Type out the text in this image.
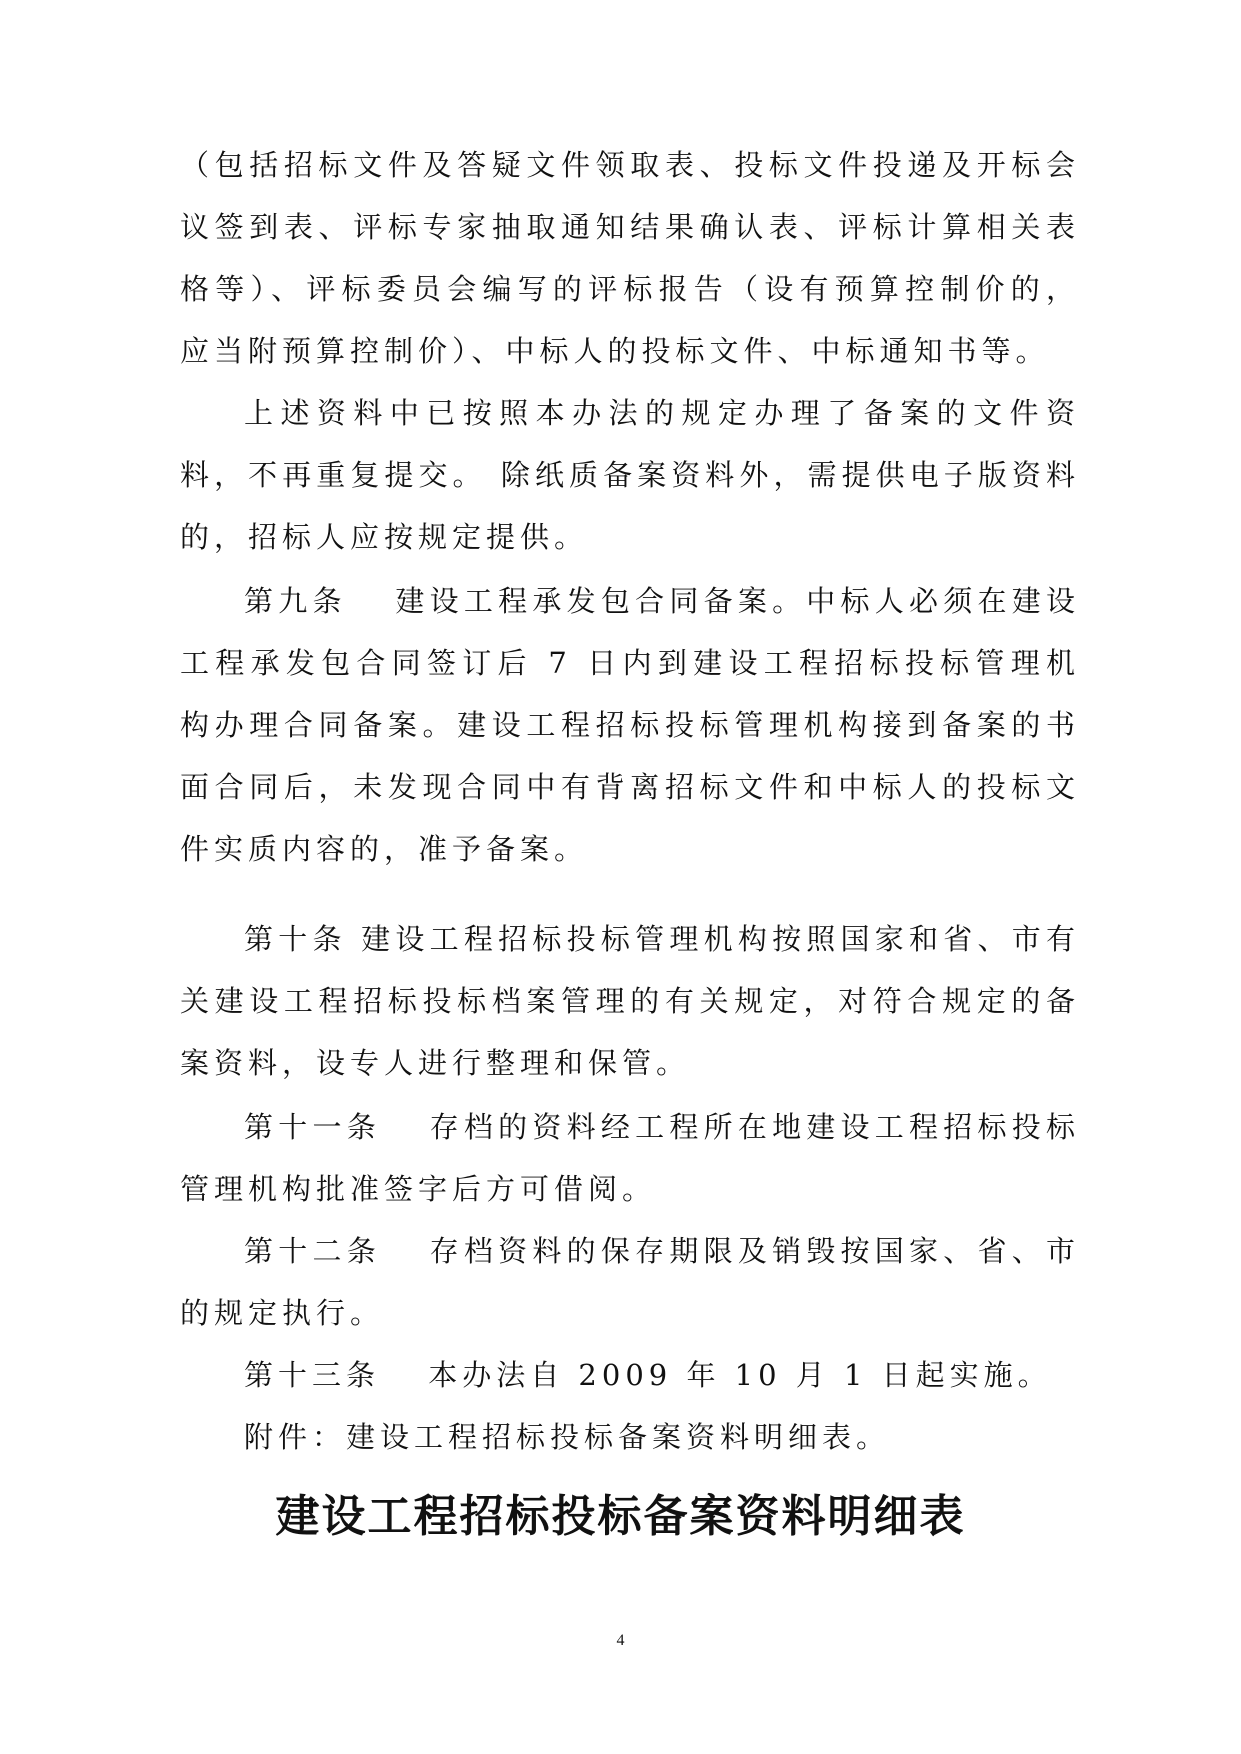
（包括招标文件及答疑文件领取表、投标文件投递及开标会议签到表、评标专家抽取通知结果确认表、评标计算相关表格等）、评标委员会编写的评标报告（设有预算控制价的，应当附预算控制价）、中标人的投标文件、中标通知书等。

上述资料中已按照本办法的规定办理了备案的文件资料，不再重复提交。 除纸质备案资料外，需提供电子版资料的，招标人应按规定提供。

第九条　 建设工程承发包合同备案。中标人必须在建设工程承发包合同签订后 7 日内到建设工程招标投标管理机构办理合同备案。建设工程招标投标管理机构接到备案的书面合同后，未发现合同中有背离招标文件和中标人的投标文件实质内容的，准予备案。

第十条 建设工程招标投标管理机构按照国家和省、市有关建设工程招标投标档案管理的有关规定，对符合规定的备案资料，设专人进行整理和保管。

第十一条　 存档的资料经工程所在地建设工程招标投标管理机构批准签字后方可借阅。

第十二条　 存档资料的保存期限及销毁按国家、省、市的规定执行。

第十三条　 本办法自 2009 年 10 月 1 日起实施。

附件：建设工程招标投标备案资料明细表。

建设工程招标投标备案资料明细表
4
